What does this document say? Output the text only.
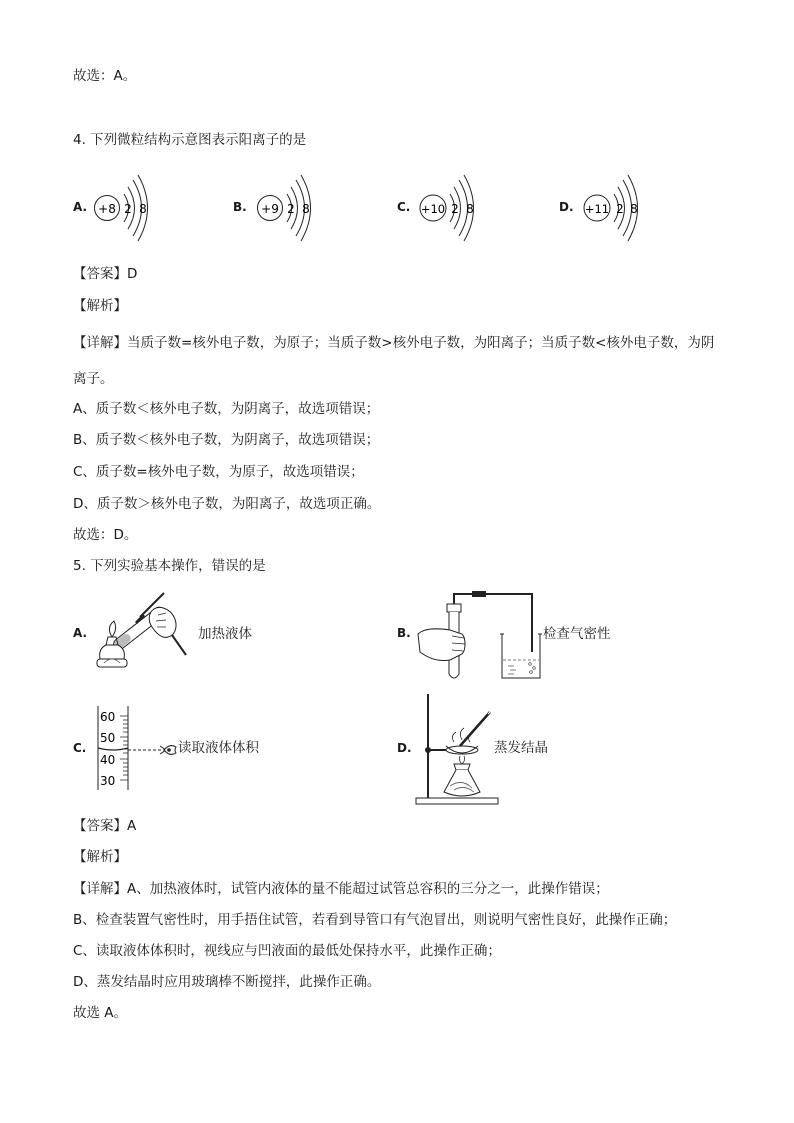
故选：A。
4. 下列微粒结构示意图表示阳离子的是
A. +8 2 8	B. +9 2 8	C. +10 2 8	D. +11 2 8
【答案】D
【解析】
【详解】当质子数=核外电子数，为原子；当质子数>核外电子数，为阳离子；当质子数<核外电子数，为阴
离子。
A、质子数＜核外电子数，为阴离子，故选项错误；
B、质子数＜核外电子数，为阴离子，故选项错误；
C、质子数=核外电子数，为原子，故选项错误；
D、质子数＞核外电子数，为阳离子，故选项正确。
故选：D。
5. 下列实验基本操作，错误的是
A.	加热液体	B.	检查气密性
C.
60
50
40
30
读取液体体积	D.	蒸发结晶
【答案】A
【解析】
【详解】A、加热液体时，试管内液体的量不能超过试管总容积的三分之一，此操作错误；
B、检查装置气密性时，用手捂住试管，若看到导管口有气泡冒出，则说明气密性良好，此操作正确；
C、读取液体体积时，视线应与凹液面的最低处保持水平，此操作正确；
D、蒸发结晶时应用玻璃棒不断搅拌，此操作正确。
故选 A。
